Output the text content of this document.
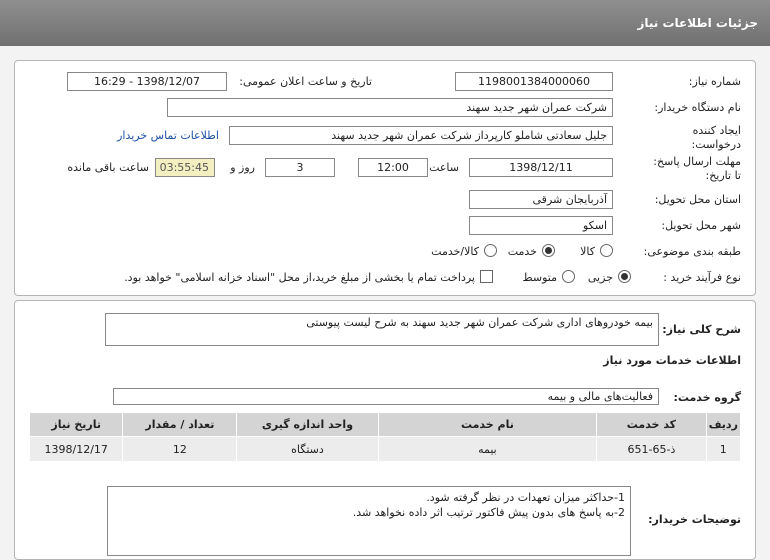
جزئیات اطلاعات نیاز
شماره نیاز:
1198001384000060
تاریخ و ساعت اعلان عمومی:
1398/12/07 - 16:29
نام دستگاه خریدار:
شرکت عمران شهر جدید سهند
ایجاد کننده
درخواست:
جلیل سعادتی شاملو کارپرداز شرکت عمران شهر جدید سهند
اطلاعات تماس خریدار
مهلت ارسال پاسخ:
تا تاریخ:
1398/12/11
ساعت
12:00
3
روز و
03:55:45
ساعت باقی مانده
استان محل تحویل:
آذربایجان شرقی
شهر محل تحویل:
اسکو
طبقه بندی موضوعی:
کالا
خدمت
کالا/خدمت
نوع فرآیند خرید :
جزیی
متوسط
پرداخت تمام یا بخشی از مبلغ خرید،از محل "اسناد خزانه اسلامی" خواهد بود.
شرح کلی نیاز:
بیمه خودروهای اداری شرکت عمران شهر جدید سهند به شرح لیست پیوستی
اطلاعات خدمات مورد نیاز
گروه خدمت:
فعالیت‌های مالی و بیمه
ردیف	کد خدمت	نام خدمت	واحد اندازه گیری	تعداد / مقدار	تاریخ نیاز
1	ذ-65-651	بیمه	دستگاه	12	1398/12/17
توضیحات خریدار:
1-حداکثر میزان تعهدات در نظر گرفته شود.
2-به پاسخ های بدون پیش فاکتور ترتیب اثر داده نخواهد شد.
